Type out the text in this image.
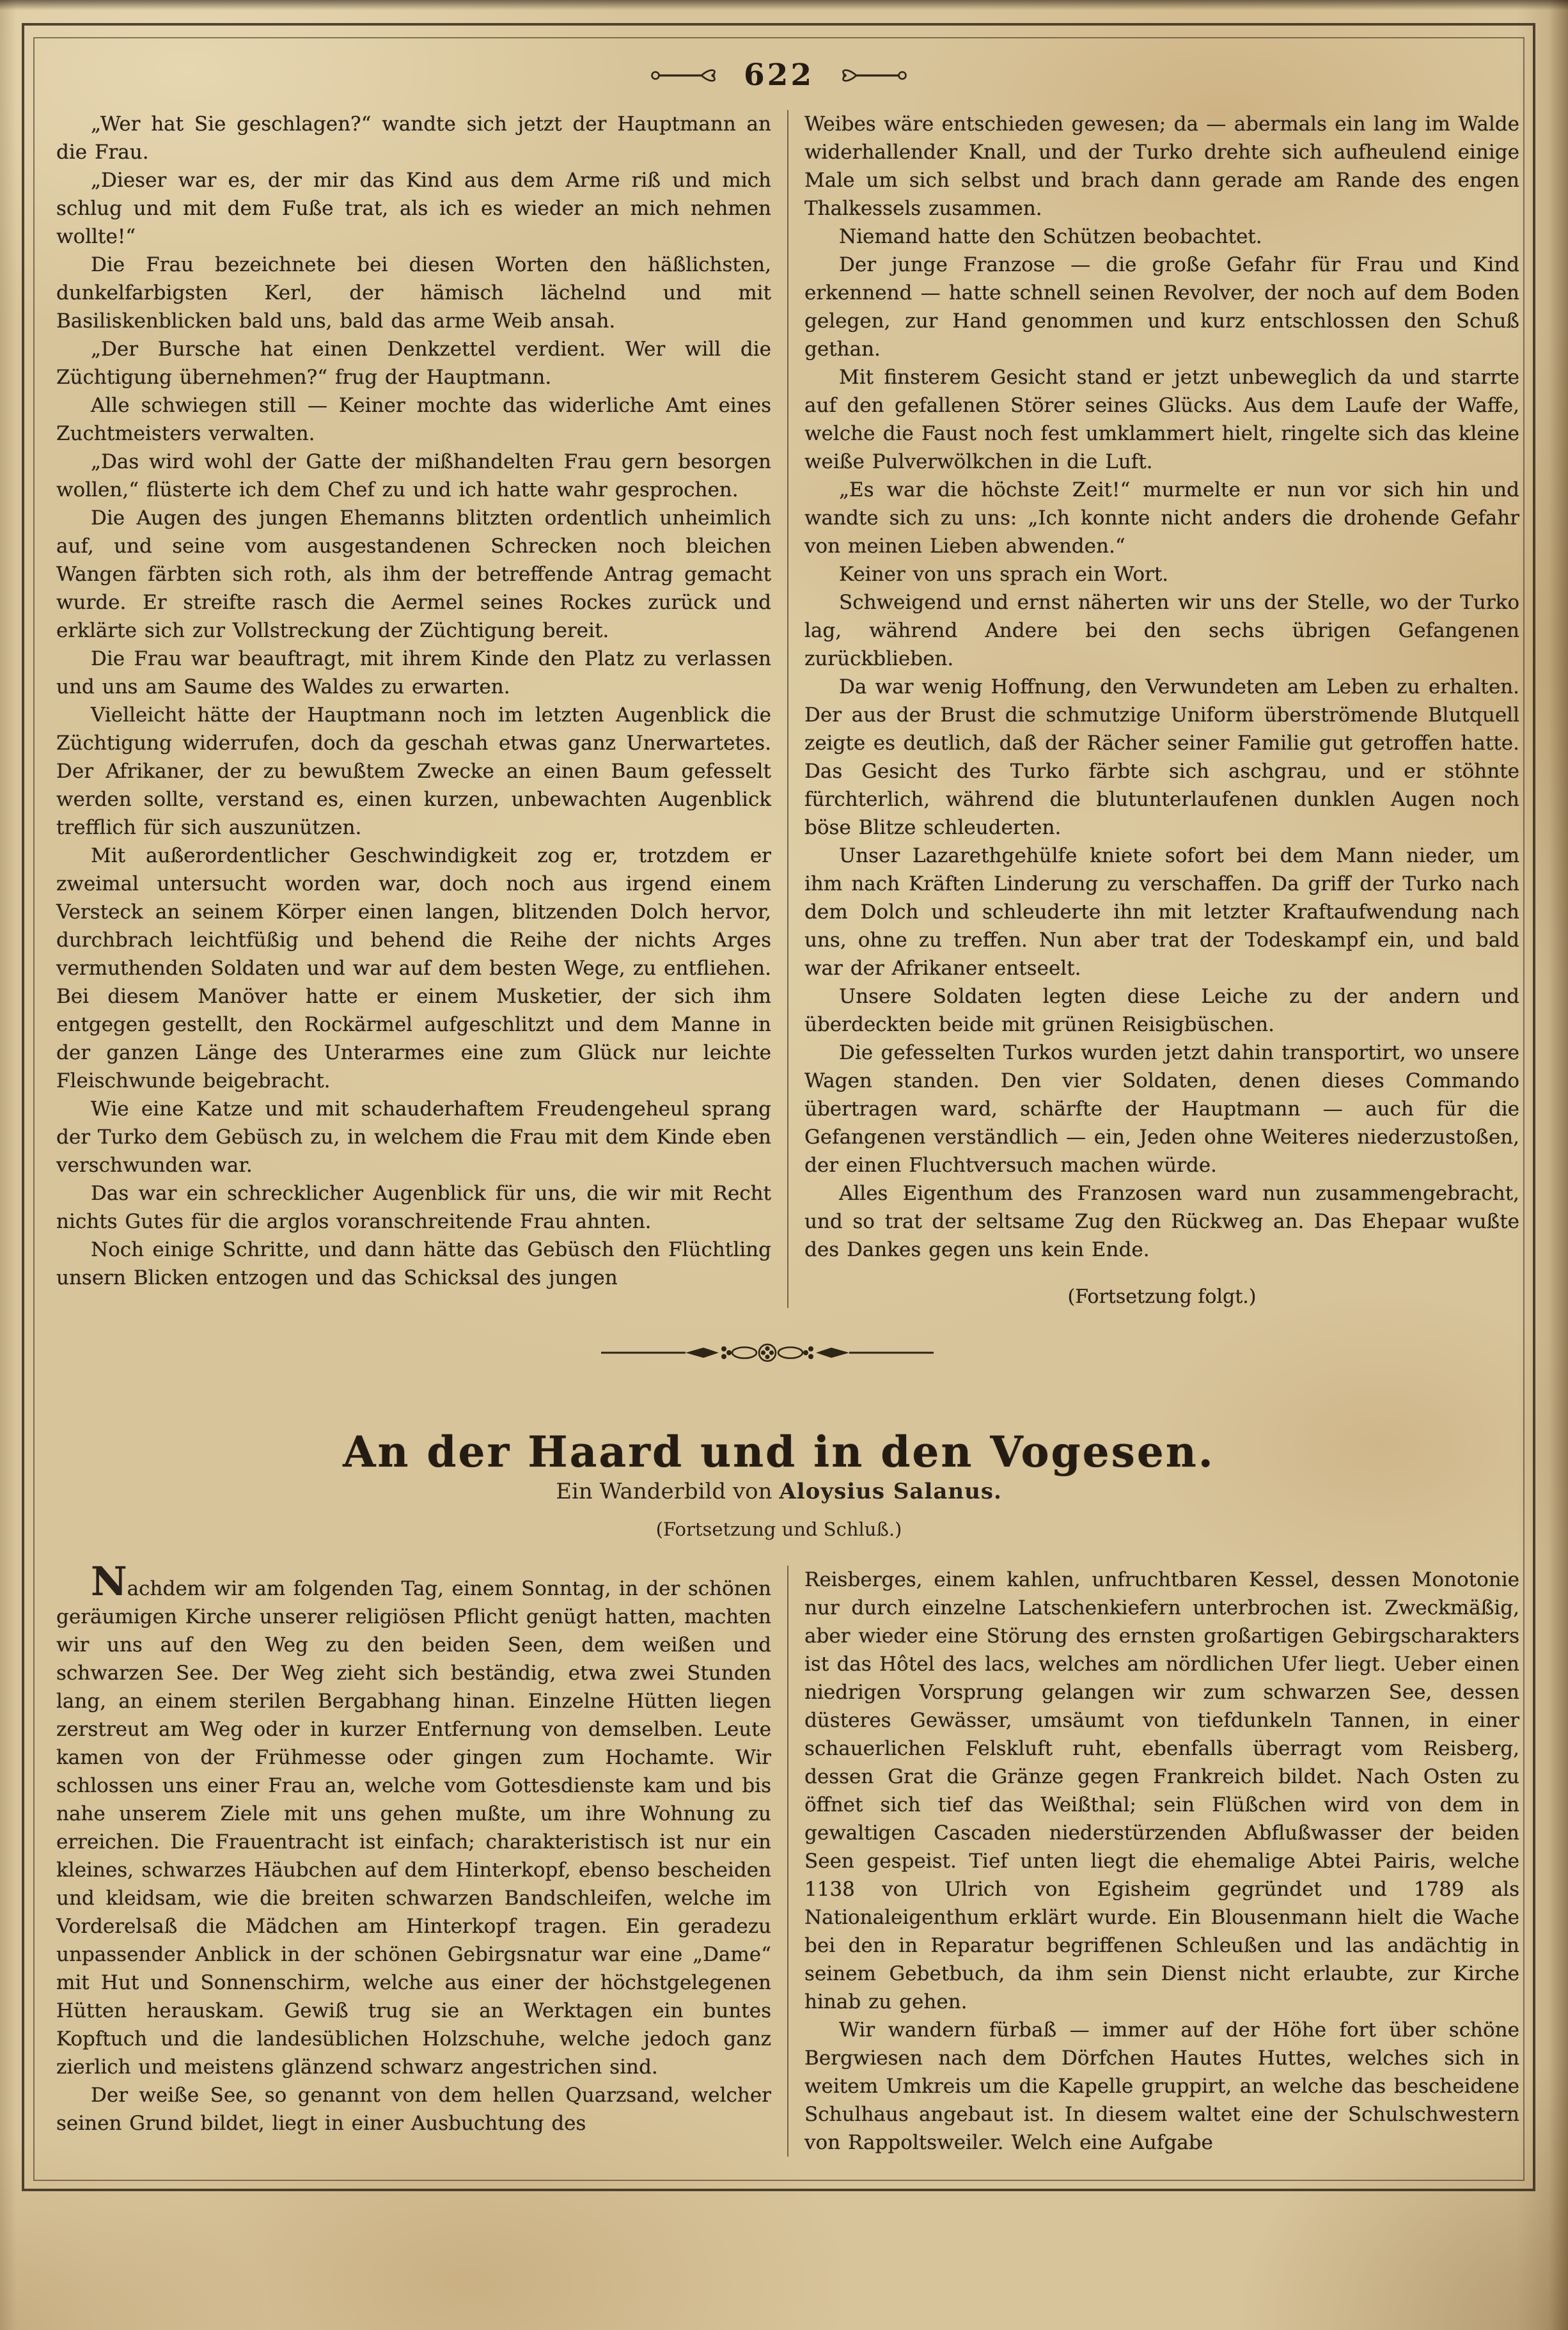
622

„Wer hat Sie geschlagen?“ wandte sich jetzt der Hauptmann an die Frau.

„Dieser war es, der mir das Kind aus dem Arme riß und mich schlug und mit dem Fuße trat, als ich es wieder an mich nehmen wollte!“

Die Frau bezeichnete bei diesen Worten den häßlichsten, dunkelfarbigsten Kerl, der hämisch lächelnd und mit Basiliskenblicken bald uns, bald das arme Weib ansah.

„Der Bursche hat einen Denkzettel verdient. Wer will die Züchtigung übernehmen?“ frug der Hauptmann.

Alle schwiegen still — Keiner mochte das widerliche Amt eines Zuchtmeisters verwalten.

„Das wird wohl der Gatte der mißhandelten Frau gern besorgen wollen,“ flüsterte ich dem Chef zu und ich hatte wahr gesprochen.

Die Augen des jungen Ehemanns blitzten ordentlich unheimlich auf, und seine vom ausgestandenen Schrecken noch bleichen Wangen färbten sich roth, als ihm der betreffende Antrag gemacht wurde. Er streifte rasch die Aermel seines Rockes zurück und erklärte sich zur Vollstreckung der Züchtigung bereit.

Die Frau war beauftragt, mit ihrem Kinde den Platz zu verlassen und uns am Saume des Waldes zu erwarten.

Vielleicht hätte der Hauptmann noch im letzten Augenblick die Züchtigung widerrufen, doch da geschah etwas ganz Unerwartetes. Der Afrikaner, der zu bewußtem Zwecke an einen Baum gefesselt werden sollte, verstand es, einen kurzen, unbewachten Augenblick trefflich für sich auszunützen.

Mit außerordentlicher Geschwindigkeit zog er, trotzdem er zweimal untersucht worden war, doch noch aus irgend einem Versteck an seinem Körper einen langen, blitzenden Dolch hervor, durchbrach leichtfüßig und behend die Reihe der nichts Arges vermuthenden Soldaten und war auf dem besten Wege, zu entfliehen. Bei diesem Manöver hatte er einem Musketier, der sich ihm entgegen gestellt, den Rockärmel aufgeschlitzt und dem Manne in der ganzen Länge des Unterarmes eine zum Glück nur leichte Fleischwunde beigebracht.

Wie eine Katze und mit schauderhaftem Freudengeheul sprang der Turko dem Gebüsch zu, in welchem die Frau mit dem Kinde eben verschwunden war.

Das war ein schrecklicher Augenblick für uns, die wir mit Recht nichts Gutes für die arglos voranschreitende Frau ahnten.

Noch einige Schritte, und dann hätte das Gebüsch den Flüchtling unsern Blicken entzogen und das Schicksal des jungen

Weibes wäre entschieden gewesen; da — abermals ein lang im Walde widerhallender Knall, und der Turko drehte sich aufheulend einige Male um sich selbst und brach dann gerade am Rande des engen Thalkessels zusammen.

Niemand hatte den Schützen beobachtet.

Der junge Franzose — die große Gefahr für Frau und Kind erkennend — hatte schnell seinen Revolver, der noch auf dem Boden gelegen, zur Hand genommen und kurz entschlossen den Schuß gethan.

Mit finsterem Gesicht stand er jetzt unbeweglich da und starrte auf den gefallenen Störer seines Glücks. Aus dem Laufe der Waffe, welche die Faust noch fest umklammert hielt, ringelte sich das kleine weiße Pulverwölkchen in die Luft.

„Es war die höchste Zeit!“ murmelte er nun vor sich hin und wandte sich zu uns: „Ich konnte nicht anders die drohende Gefahr von meinen Lieben abwenden.“

Keiner von uns sprach ein Wort.

Schweigend und ernst näherten wir uns der Stelle, wo der Turko lag, während Andere bei den sechs übrigen Gefangenen zurückblieben.

Da war wenig Hoffnung, den Verwundeten am Leben zu erhalten. Der aus der Brust die schmutzige Uniform überströmende Blutquell zeigte es deutlich, daß der Rächer seiner Familie gut getroffen hatte. Das Gesicht des Turko färbte sich aschgrau, und er stöhnte fürchterlich, während die blutunterlaufenen dunklen Augen noch böse Blitze schleuderten.

Unser Lazarethgehülfe kniete sofort bei dem Mann nieder, um ihm nach Kräften Linderung zu verschaffen. Da griff der Turko nach dem Dolch und schleuderte ihn mit letzter Kraftaufwendung nach uns, ohne zu treffen. Nun aber trat der Todeskampf ein, und bald war der Afrikaner entseelt.

Unsere Soldaten legten diese Leiche zu der andern und überdeckten beide mit grünen Reisigbüschen.

Die gefesselten Turkos wurden jetzt dahin transportirt, wo unsere Wagen standen. Den vier Soldaten, denen dieses Commando übertragen ward, schärfte der Hauptmann — auch für die Gefangenen verständlich — ein, Jeden ohne Weiteres niederzustoßen, der einen Fluchtversuch machen würde.

Alles Eigenthum des Franzosen ward nun zusammengebracht, und so trat der seltsame Zug den Rückweg an. Das Ehepaar wußte des Dankes gegen uns kein Ende.

(Fortsetzung folgt.)
An der Haard und in den Vogesen.
Ein Wanderbild von Aloysius Salanus.
(Fortsetzung und Schluß.)

Nachdem wir am folgenden Tag, einem Sonntag, in der schönen geräumigen Kirche unserer religiösen Pflicht genügt hatten, machten wir uns auf den Weg zu den beiden Seen, dem weißen und schwarzen See. Der Weg zieht sich beständig, etwa zwei Stunden lang, an einem sterilen Bergabhang hinan. Einzelne Hütten liegen zerstreut am Weg oder in kurzer Entfernung von demselben. Leute kamen von der Frühmesse oder gingen zum Hochamte. Wir schlossen uns einer Frau an, welche vom Gottesdienste kam und bis nahe unserem Ziele mit uns gehen mußte, um ihre Wohnung zu erreichen. Die Frauentracht ist einfach; charakteristisch ist nur ein kleines, schwarzes Häubchen auf dem Hinterkopf, ebenso bescheiden und kleidsam, wie die breiten schwarzen Bandschleifen, welche im Vorderelsaß die Mädchen am Hinterkopf tragen. Ein geradezu unpassender Anblick in der schönen Gebirgsnatur war eine „Dame“ mit Hut und Sonnenschirm, welche aus einer der höchstgelegenen Hütten herauskam. Gewiß trug sie an Werktagen ein buntes Kopftuch und die landesüblichen Holzschuhe, welche jedoch ganz zierlich und meistens glänzend schwarz angestrichen sind.

Der weiße See, so genannt von dem hellen Quarzsand, welcher seinen Grund bildet, liegt in einer Ausbuchtung des

Reisberges, einem kahlen, unfruchtbaren Kessel, dessen Monotonie nur durch einzelne Latschenkiefern unterbrochen ist. Zweckmäßig, aber wieder eine Störung des ernsten großartigen Gebirgscharakters ist das Hôtel des lacs, welches am nördlichen Ufer liegt. Ueber einen niedrigen Vorsprung gelangen wir zum schwarzen See, dessen düsteres Gewässer, umsäumt von tiefdunkeln Tannen, in einer schauerlichen Felskluft ruht, ebenfalls überragt vom Reisberg, dessen Grat die Gränze gegen Frankreich bildet. Nach Osten zu öffnet sich tief das Weißthal; sein Flüßchen wird von dem in gewaltigen Cascaden niederstürzenden Abflußwasser der beiden Seen gespeist. Tief unten liegt die ehemalige Abtei Pairis, welche 1138 von Ulrich von Egisheim gegründet und 1789 als Nationaleigenthum erklärt wurde. Ein Blousenmann hielt die Wache bei den in Reparatur begriffenen Schleußen und las andächtig in seinem Gebetbuch, da ihm sein Dienst nicht erlaubte, zur Kirche hinab zu gehen.

Wir wandern fürbaß — immer auf der Höhe fort über schöne Bergwiesen nach dem Dörfchen Hautes Huttes, welches sich in weitem Umkreis um die Kapelle gruppirt, an welche das bescheidene Schulhaus angebaut ist. In diesem waltet eine der Schulschwestern von Rappoltsweiler. Welch eine Aufgabe
